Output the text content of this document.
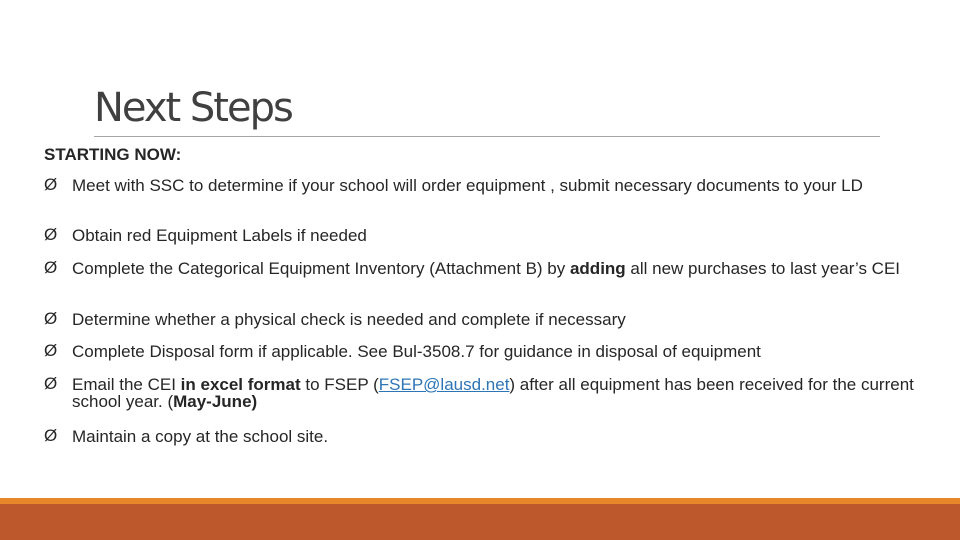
Next Steps
STARTING NOW:
Ø Meet with SSC to determine if your school will order equipment , submit necessary documents to your LD
Ø Obtain red Equipment Labels if needed
Ø Complete the Categorical Equipment Inventory (Attachment B) by adding all new purchases to last year’s CEI
Ø Determine whether a physical check is needed and complete if necessary
Ø Complete Disposal form if applicable. See Bul-3508.7 for guidance in disposal of equipment
Ø Email the CEI in excel format to FSEP (FSEP@lausd.net) after all equipment has been received for the current school year. (May-June)
Ø Maintain a copy at the school site.
